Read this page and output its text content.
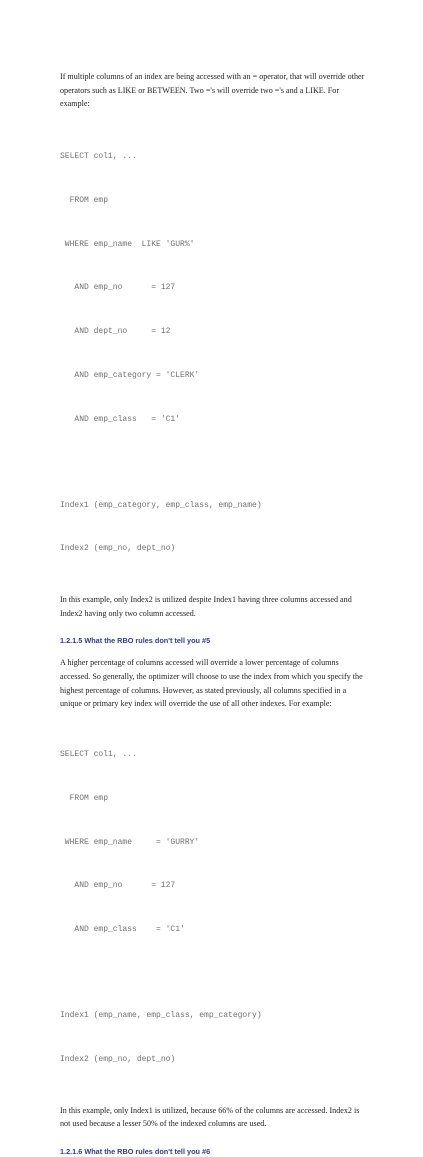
If multiple columns of an index are being accessed with an = operator, that will override other operators such as LIKE or BETWEEN. Two ='s will override two ='s and a LIKE. For example:

SELECT col1, ...

FROM emp

WHERE emp_name  LIKE 'GUR%'

AND emp_no      = 127

AND dept_no     = 12

AND emp_category = 'CLERK'

AND emp_class   = 'C1'

Index1 (emp_category, emp_class, emp_name)

Index2 (emp_no, dept_no)

In this example, only Index2 is utilized despite Index1 having three columns accessed and Index2 having only two column accessed.

1.2.1.5 What the RBO rules don't tell you #5

A higher percentage of columns accessed will override a lower percentage of columns accessed. So generally, the optimizer will choose to use the index from which you specify the highest percentage of columns. However, as stated previously, all columns specified in a unique or primary key index will override the use of all other indexes. For example:

SELECT col1, ...

FROM emp

WHERE emp_name     = 'GURRY'

AND emp_no      = 127

AND emp_class    = 'C1'

Index1 (emp_name, emp_class, emp_category)

Index2 (emp_no, dept_no)

In this example, only Index1 is utilized, because 66% of the columns are accessed. Index2 is not used because a lesser 50% of the indexed columns are used.

1.2.1.6 What the RBO rules don't tell you #6
